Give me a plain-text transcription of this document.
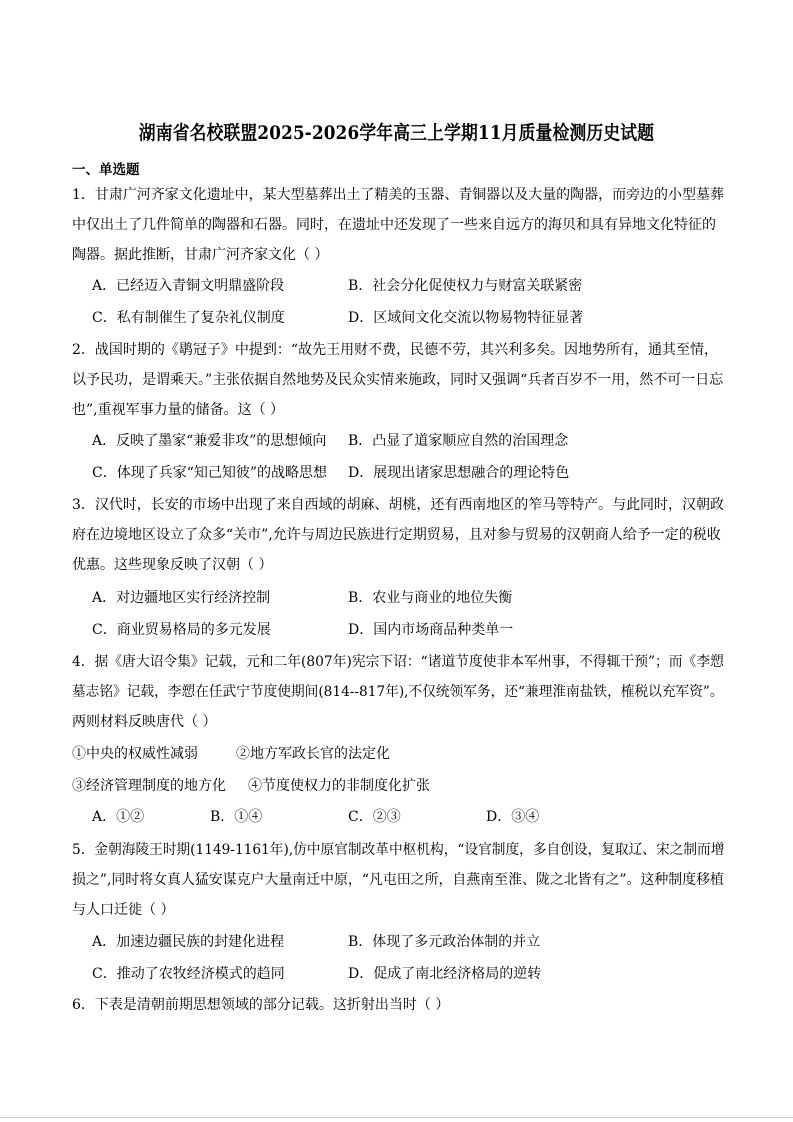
湖南省名校联盟2025-2026学年高三上学期11月质量检测历史试题
一、单选题
1．甘肃广河齐家文化遗址中，某大型墓葬出土了精美的玉器、青铜器以及大量的陶器，而旁边的小型墓葬
中仅出土了几件简单的陶器和石器。同时，在遗址中还发现了一些来自远方的海贝和具有异地文化特征的
陶器。据此推断，甘肃广河齐家文化（ ）
A．已经迈入青铜文明鼎盛阶段	B．社会分化促使权力与财富关联紧密
C．私有制催生了复杂礼仪制度	D．区域间文化交流以物易物特征显著
2．战国时期的《鹖冠子》中提到：“故先王用财不费，民德不劳，其兴利多矣。因地势所有，通其至情，
以予民功，是谓乘天。”主张依据自然地势及民众实情来施政，同时又强调“兵者百岁不一用，然不可一日忘
也”,重视军事力量的储备。这（ ）
A．反映了墨家“兼爱非攻”的思想倾向 B．凸显了道家顺应自然的治国理念
C．体现了兵家“知己知彼”的战略思想 D．展现出诸家思想融合的理论特色
3．汉代时，长安的市场中出现了来自西域的胡麻、胡桃，还有西南地区的笮马等特产。与此同时，汉朝政
府在边境地区设立了众多“关市”,允许与周边民族进行定期贸易，且对参与贸易的汉朝商人给予一定的税收
优惠。这些现象反映了汉朝（ ）
A．对边疆地区实行经济控制	B．农业与商业的地位失衡
C．商业贸易格局的多元发展	D．国内市场商品种类单一
4．据《唐大诏令集》记载，元和二年(807年)宪宗下诏：“诸道节度使非本军州事，不得辄干预”；而《李愬
墓志铭》记载，李愬在任武宁节度使期间(814--817年),不仅统领军务，还“兼理淮南盐铁，榷税以充军资”。
两则材料反映唐代（ ）
①中央的权威性减弱	②地方军政长官的法定化
③经济管理制度的地方化 ④节度使权力的非制度化扩张
A．①②	B．①④	C．②③	D．③④
5．金朝海陵王时期(1149-1161年),仿中原官制改革中枢机构，“设官制度，多自创设，复取辽、宋之制而增
损之”,同时将女真人猛安谋克户大量南迁中原，“凡屯田之所，自燕南至淮、陇之北皆有之”。这种制度移植
与人口迁徙（ ）
A．加速边疆民族的封建化进程	B．体现了多元政治体制的并立
C．推动了农牧经济模式的趋同	D．促成了南北经济格局的逆转
6．下表是清朝前期思想领域的部分记载。这折射出当时（ ）
